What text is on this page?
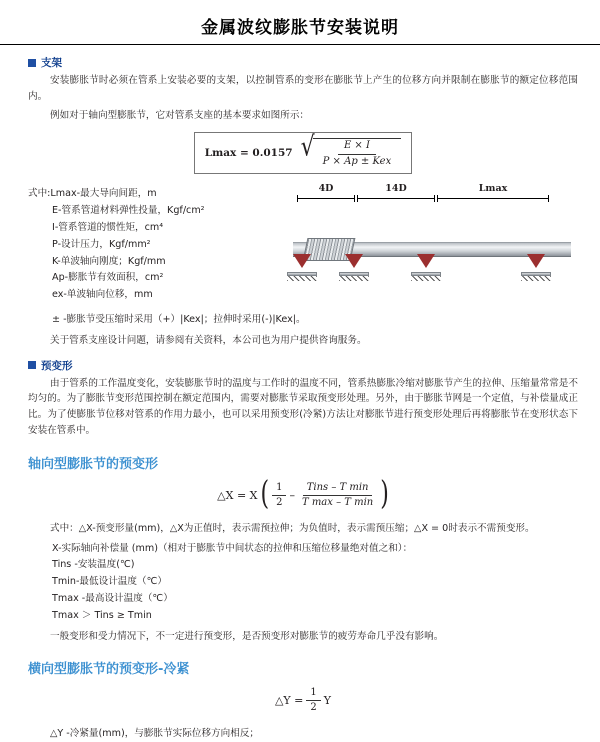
金属波纹膨胀节安装说明
支架

安装膨胀节时必须在管系上安装必要的支架，以控制管系的变形在膨胀节上产生的位移方向并限制在膨胀节的额定位移范围内。

例如对于轴向型膨胀节，它对管系支座的基本要求如图所示：

Lmax = 0.0157 √ $\frac{E \times I}{\text{P × Ap ± Kex}}$
式中:Lmax-最大导向间距，m
E-管系管道材料弹性投量，Kgf/cm²
I-管系管道的惯性矩，cm⁴
P-设计压力，Kgf/mm²
K-单波轴向刚度；Kgf/mm
Ap-膨胀节有效面积，cm²
ex-单波轴向位移，mm
4D	14D	Lmax
± -膨胀节受压缩时采用（+）|Kex|；拉伸时采用(-)|Kex|。

关于管系支座设计问题，请参阅有关资料，本公司也为用户提供咨询服务。

预变形

由于管系的工作温度变化，安装膨胀节时的温度与工作时的温度不同，管系热膨胀冷缩对膨胀节产生的拉伸、压缩量常常是不均匀的。为了膨胀节变形范围控制在额定范围内，需要对膨胀节采取预变形处理。另外，由于膨胀节网是一个定值，与补偿量成正比。为了使膨胀节位移对管系的作用力最小，也可以采用预变形(冷紧)方法让对膨胀节进行预变形处理后再将膨胀节在变形状态下安装在管系中。

轴向型膨胀节的预变形
△X = X ( $\frac{1}{2} - \frac{\text{Tins – T min}}{\text{T max – T min}}$ )

式中：△X-预变形量(mm)，△X为正值时，表示需预拉伸；为负值时，表示需预压缩；△X = 0时表示不需预变形。

X-实际轴向补偿量 (mm)（相对于膨胀节中间状态的拉伸和压缩位移量绝对值之和）：
Tins -安装温度(℃)
Tmin-最低设计温度（℃）
Tmax -最高设计温度（℃）
Tmax ＞ Tins ≥ Tmin

一般变形和受力情况下，不一定进行预变形，是否预变形对膨胀节的疲劳寿命几乎没有影响。

横向型膨胀节的预变形-冷紧
△Y = $\frac{1}{2}$ Y

△Y -冷紧量(mm)，与膨胀节实际位移方向相反；
